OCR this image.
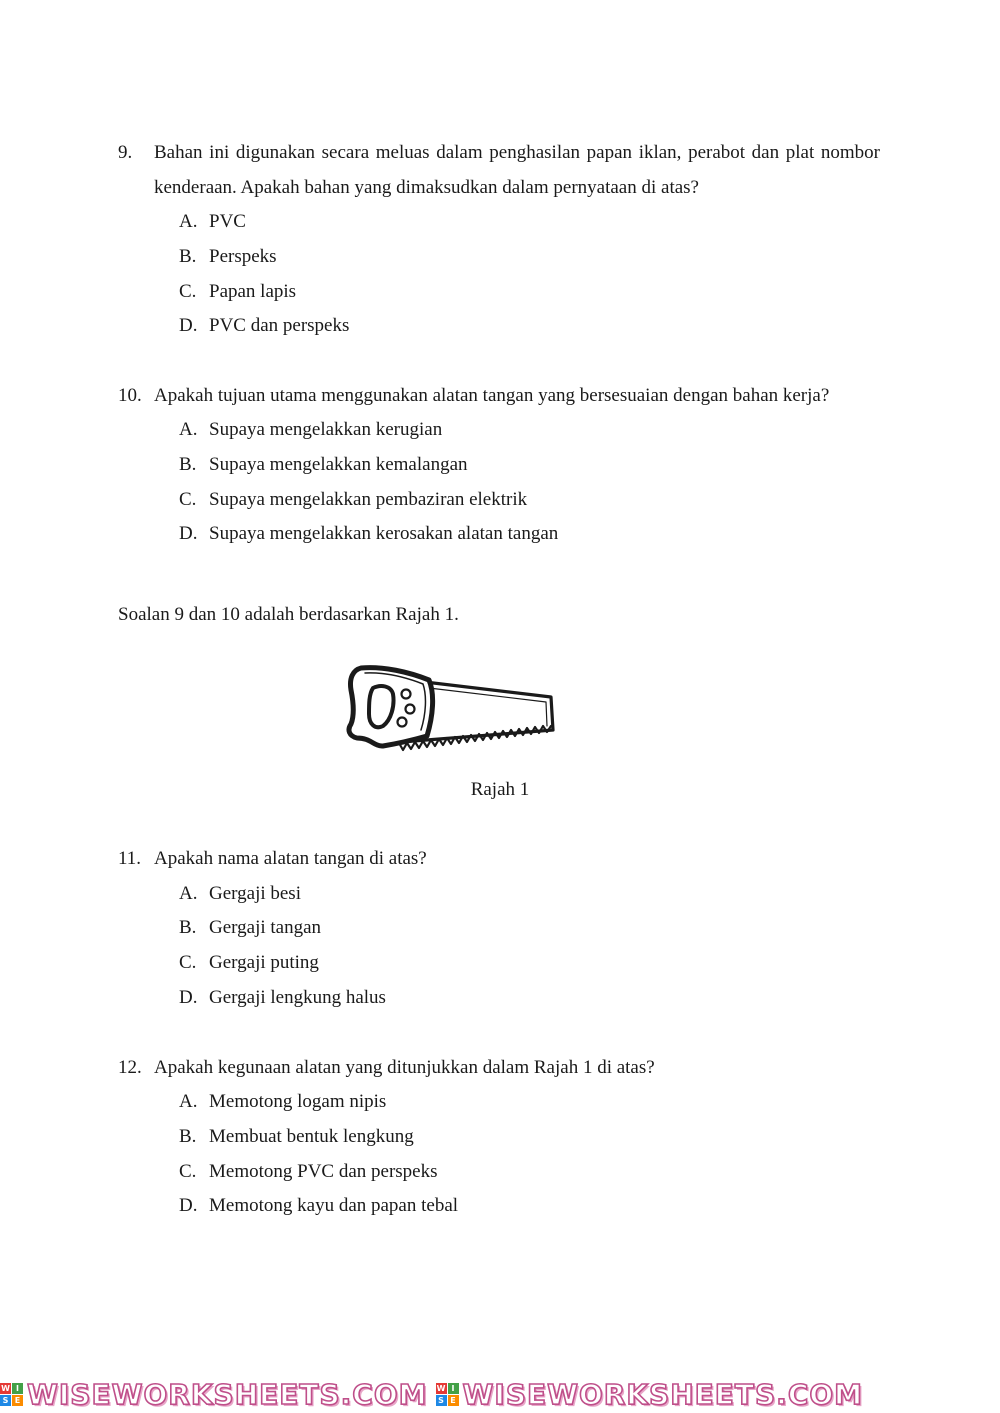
9. Bahan ini digunakan secara meluas dalam penghasilan papan iklan, perabot dan plat nombor kenderaan. Apakah bahan yang dimaksudkan dalam pernyataan di atas?
A. PVC
B. Perspeks
C. Papan lapis
D. PVC dan perspeks
10. Apakah tujuan utama menggunakan alatan tangan yang bersesuaian dengan bahan kerja?
A. Supaya mengelakkan kerugian
B. Supaya mengelakkan kemalangan
C. Supaya mengelakkan pembaziran elektrik
D. Supaya mengelakkan kerosakan alatan tangan
Soalan 9 dan 10 adalah berdasarkan Rajah 1.
Rajah 1
11. Apakah nama alatan tangan di atas?
A. Gergaji besi
B. Gergaji tangan
C. Gergaji puting
D. Gergaji lengkung halus
12. Apakah kegunaan alatan yang ditunjukkan dalam Rajah 1 di atas?
A. Memotong logam nipis
B. Membuat bentuk lengkung
C. Memotong PVC dan perspeks
D. Memotong kayu dan papan tebal
W I
S E WISEWORKSHEETS.COM W I
S E WISEWORKSHEETS.COM
